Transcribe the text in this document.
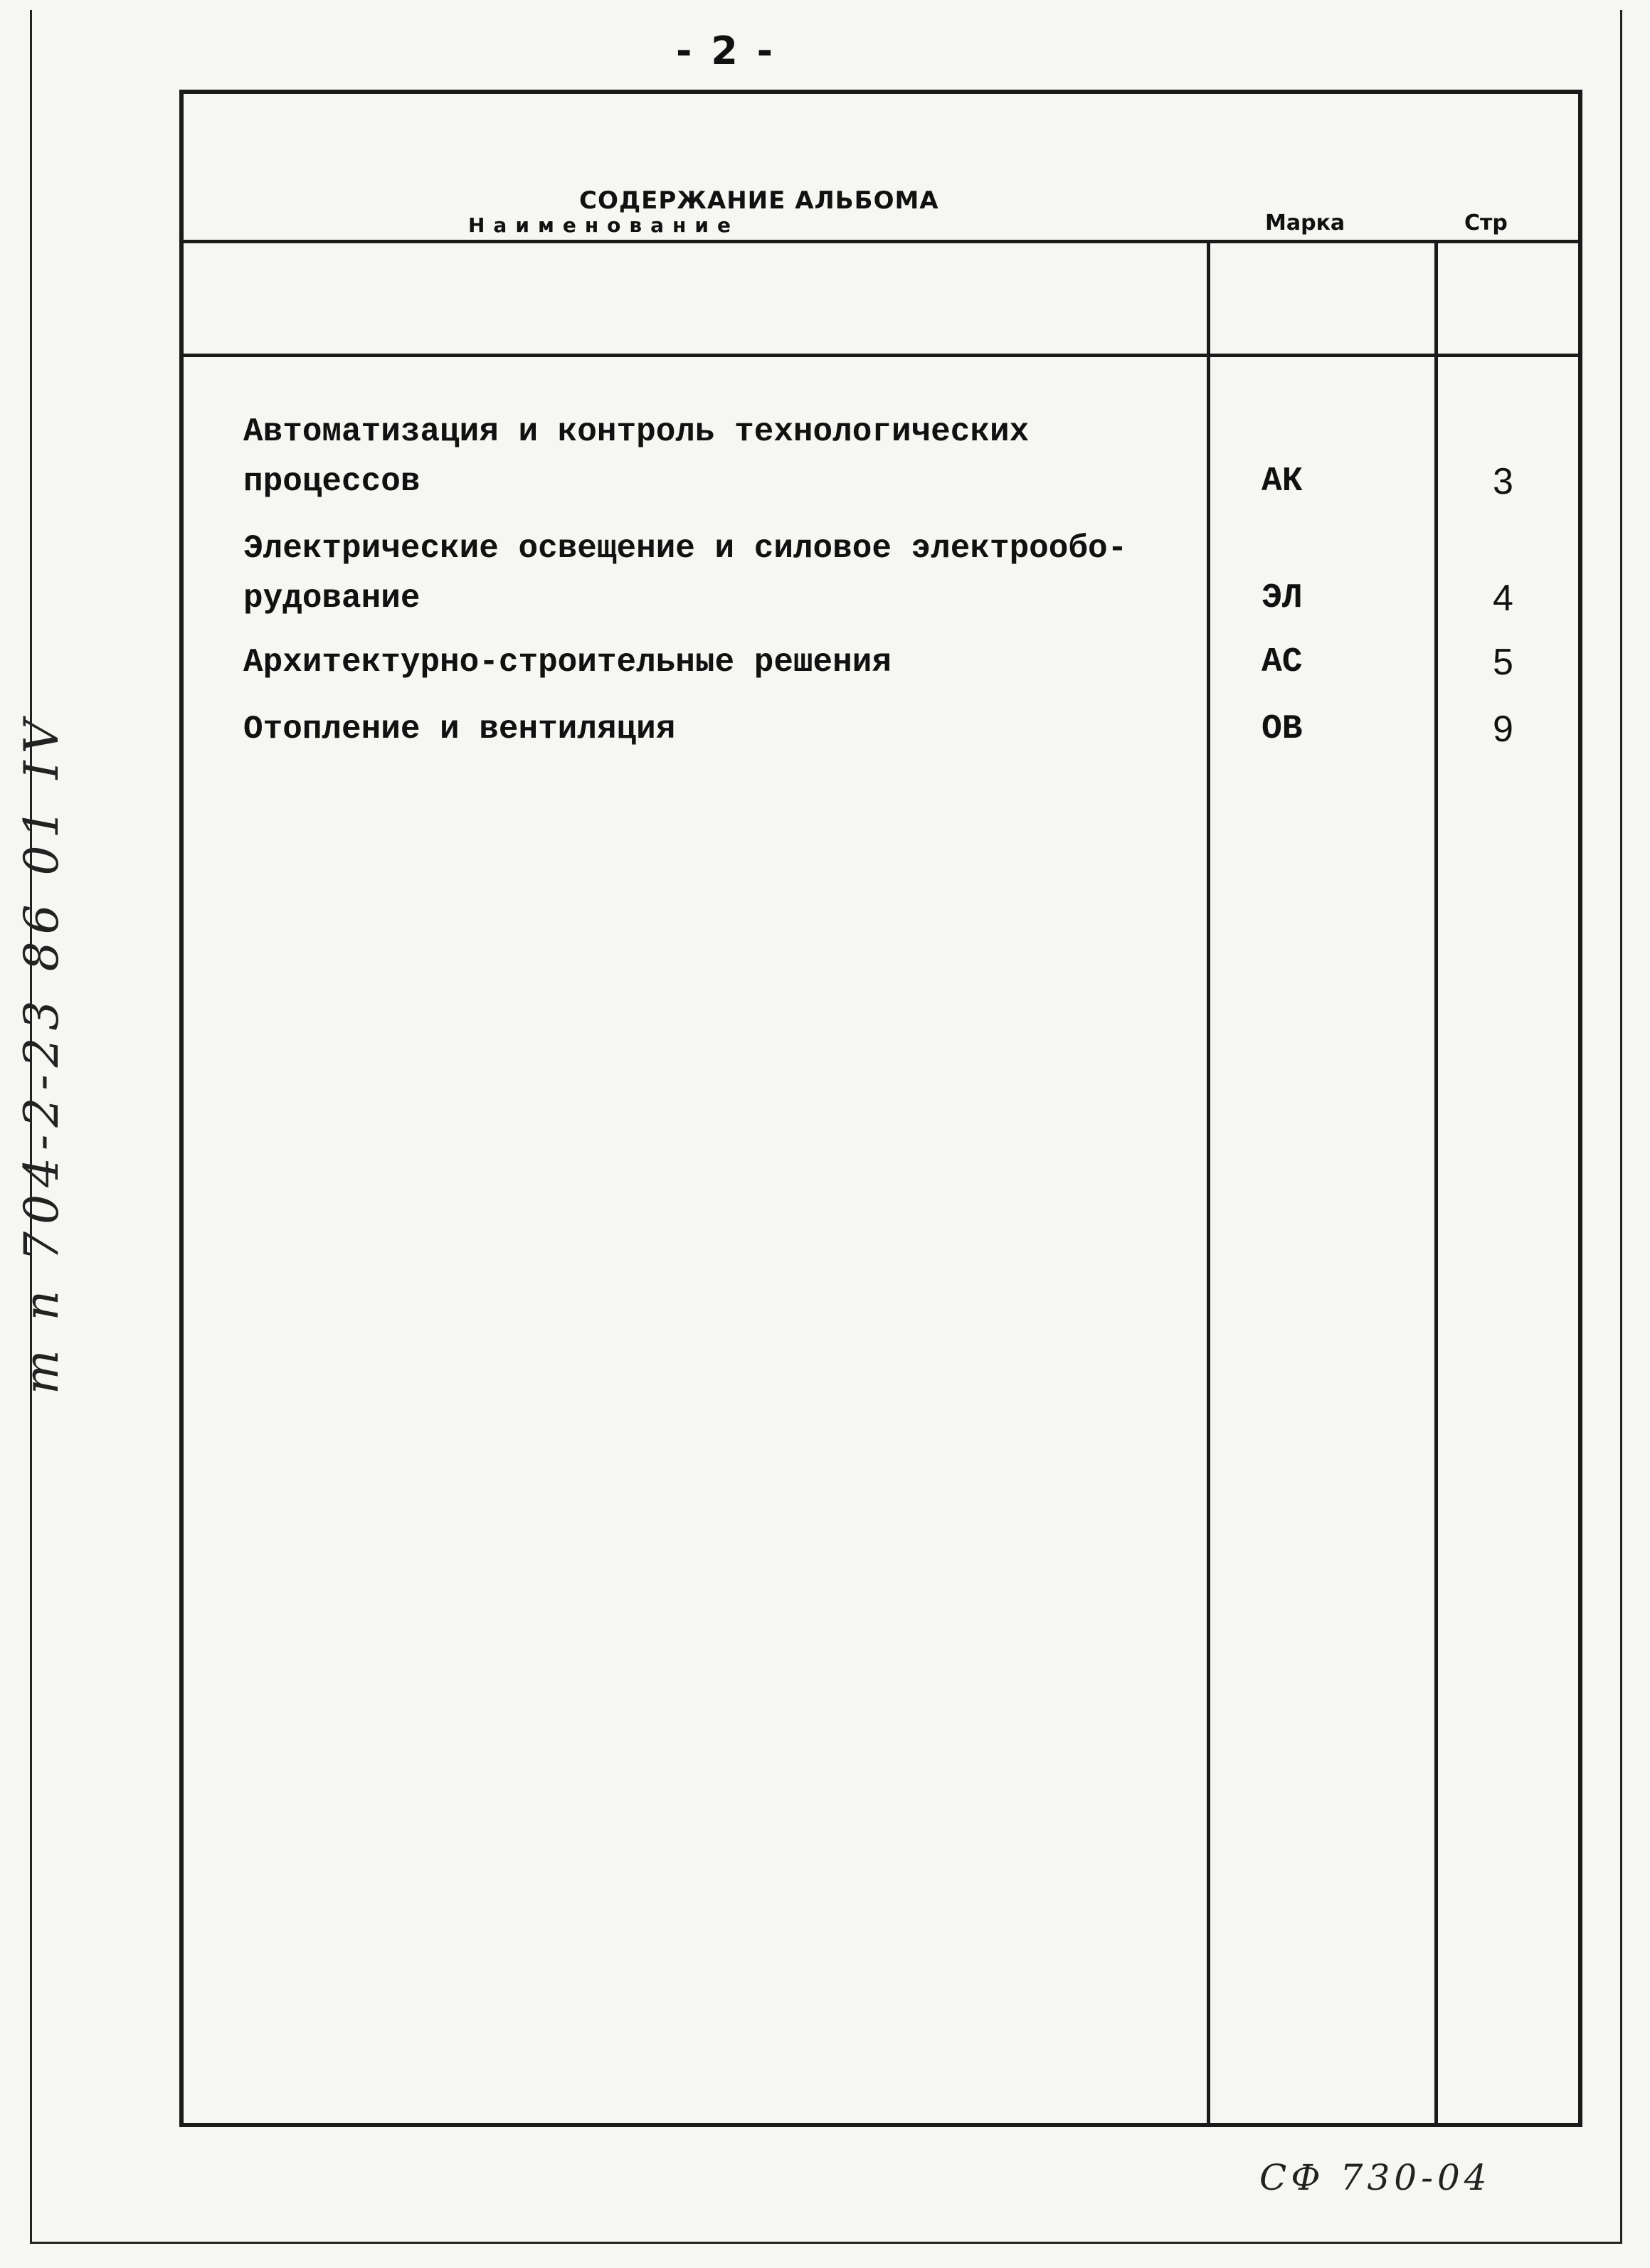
- 2 -
СОДЕРЖАНИЕ АЛЬБОМА
Наименование	Марка	Стр
Автоматизация и контроль технологических
процессов	АК	3
Электрические освещение и силовое электрообо-
рудование	ЭЛ	4
Архитектурно-строительные решения	АС	5
Отопление и вентиляция	ОВ	9
т п 704-2-23 86 01 IV
СФ 730-04
